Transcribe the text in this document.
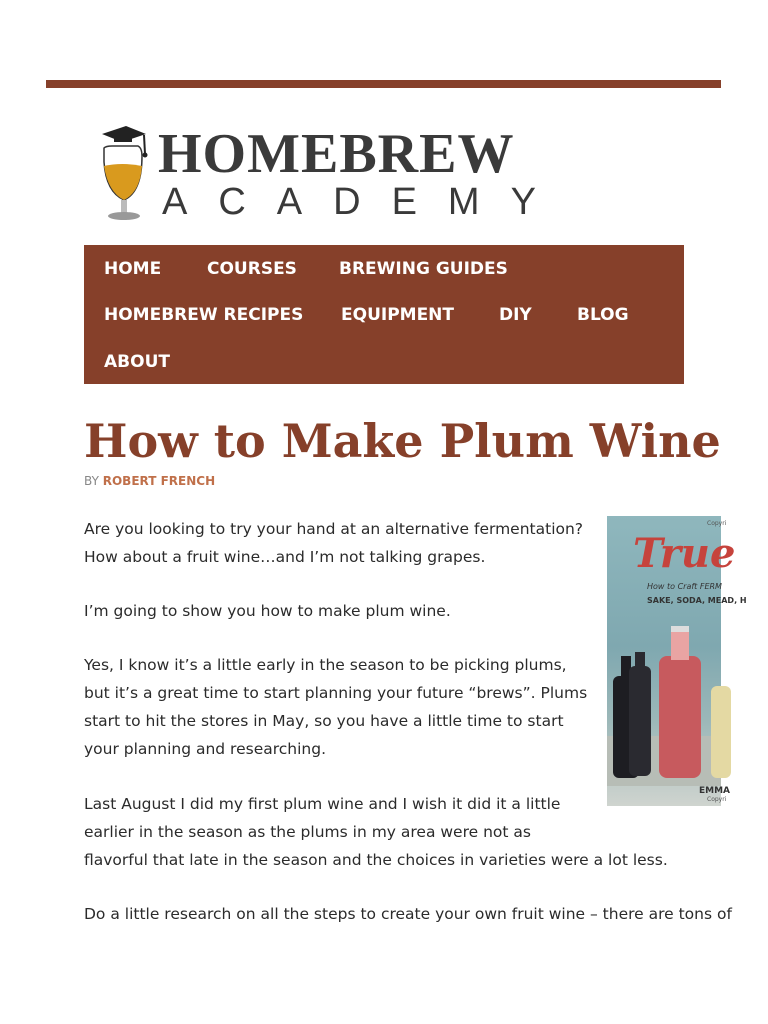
HOMEBREW
ACADEMY
HOME	COURSES BREWING GUIDES
HOMEBREW RECIPES EQUIPMENT	DIY	BLOG
ABOUT
How to Make Plum Wine
BY ROBERT FRENCH
Are you looking to try your hand at an alternative fermentation?
How about a fruit wine…and I’m not talking grapes.
I’m going to show you how to make plum wine.
Yes, I know it’s a little early in the season to be picking plums,
but it’s a great time to start planning your future “brews”. Plums
start to hit the stores in May, so you have a little time to start
your planning and researching.
Last August I did my first plum wine and I wish it did it a little
earlier in the season as the plums in my area were not as
flavorful that late in the season and the choices in varieties were a lot less.
Do a little research on all the steps to create your own fruit wine – there are tons of
Copyri
True
How to Craft FERM
SAKE, SODA, MEAD, H
EMMA
Copyri
